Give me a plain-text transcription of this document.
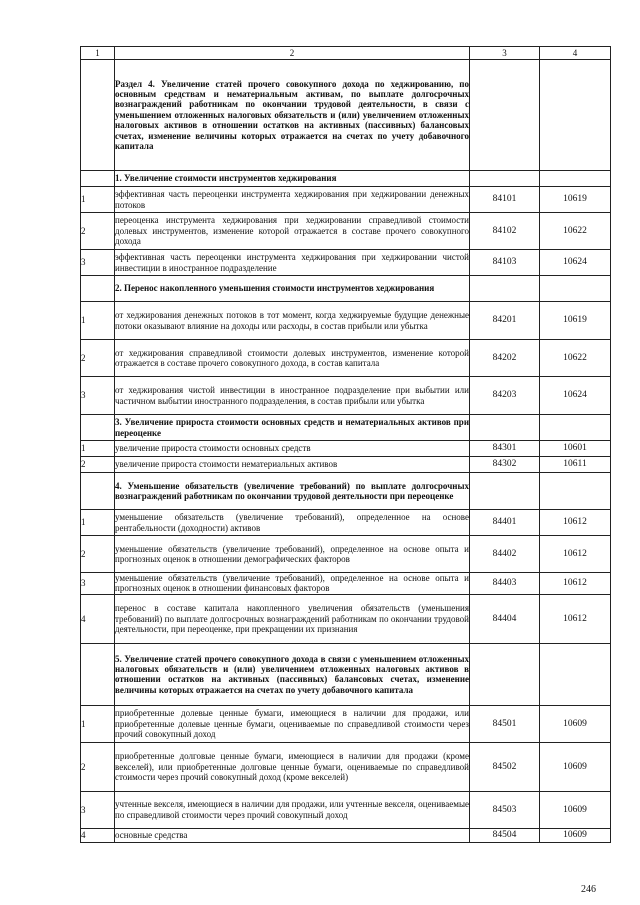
1	2	3	4
	Раздел 4. Увеличение статей прочего совокупного дохода по хеджированию, по основным средствам и нематериальным активам, по выплате долгосрочных вознаграждений работникам по окончании трудовой деятельности, в связи с уменьшением отложенных налоговых обязательств и (или) увеличением отложенных налоговых активов в отношении остатков на активных (пассивных) балансовых счетах, изменение величины которых отражается на счетах по учету добавочного капитала		
	1. Увеличение стоимости инструментов хеджирования		
1	эффективная часть переоценки инструмента хеджирования при хеджировании денежных потоков	84101	10619
2	переоценка инструмента хеджирования при хеджировании справедливой стоимости долевых инструментов, изменение которой отражается в составе прочего совокупного дохода	84102	10622
3	эффективная часть переоценки инструмента хеджирования при хеджировании чистой инвестиции в иностранное подразделение	84103	10624
	2. Перенос накопленного уменьшения стоимости инструментов хеджирования		
1	от хеджирования денежных потоков в тот момент, когда хеджируемые будущие денежные потоки оказывают влияние на доходы или расходы, в состав прибыли или убытка	84201	10619
2	от хеджирования справедливой стоимости долевых инструментов, изменение которой отражается в составе прочего совокупного дохода, в состав капитала	84202	10622
3	от хеджирования чистой инвестиции в иностранное подразделение при выбытии или частичном выбытии иностранного подразделения, в состав прибыли или убытка	84203	10624
	3. Увеличение прироста стоимости основных средств и нематериальных активов при переоценке		
1	увеличение прироста стоимости основных средств	84301	10601
2	увеличение прироста стоимости нематериальных активов	84302	10611
	4. Уменьшение обязательств (увеличение требований) по выплате долгосрочных вознаграждений работникам по окончании трудовой деятельности при переоценке		
1	уменьшение обязательств (увеличение требований), определенное на основе рентабельности (доходности) активов	84401	10612
2	уменьшение обязательств (увеличение требований), определенное на основе опыта и прогнозных оценок в отношении демографических факторов	84402	10612
3	уменьшение обязательств (увеличение требований), определенное на основе опыта и прогнозных оценок в отношении финансовых факторов	84403	10612
4	перенос в составе капитала накопленного увеличения обязательств (уменьшения требований) по выплате долгосрочных вознаграждений работникам по окончании трудовой деятельности, при переоценке, при прекращении их признания	84404	10612
	5. Увеличение статей прочего совокупного дохода в связи с уменьшением отложенных налоговых обязательств и (или) увеличением отложенных налоговых активов в отношении остатков на активных (пассивных) балансовых счетах, изменение величины которых отражается на счетах по учету добавочного капитала		
1	приобретенные долевые ценные бумаги, имеющиеся в наличии для продажи, или приобретенные долевые ценные бумаги, оцениваемые по справедливой стоимости через прочий совокупный доход	84501	10609
2	приобретенные долговые ценные бумаги, имеющиеся в наличии для продажи (кроме векселей), или приобретенные долговые ценные бумаги, оцениваемые по справедливой стоимости через прочий совокупный доход (кроме векселей)	84502	10609
3	учтенные векселя, имеющиеся в наличии для продажи, или учтенные векселя, оцениваемые по справедливой стоимости через прочий совокупный доход	84503	10609
4	основные средства	84504	10609
246
